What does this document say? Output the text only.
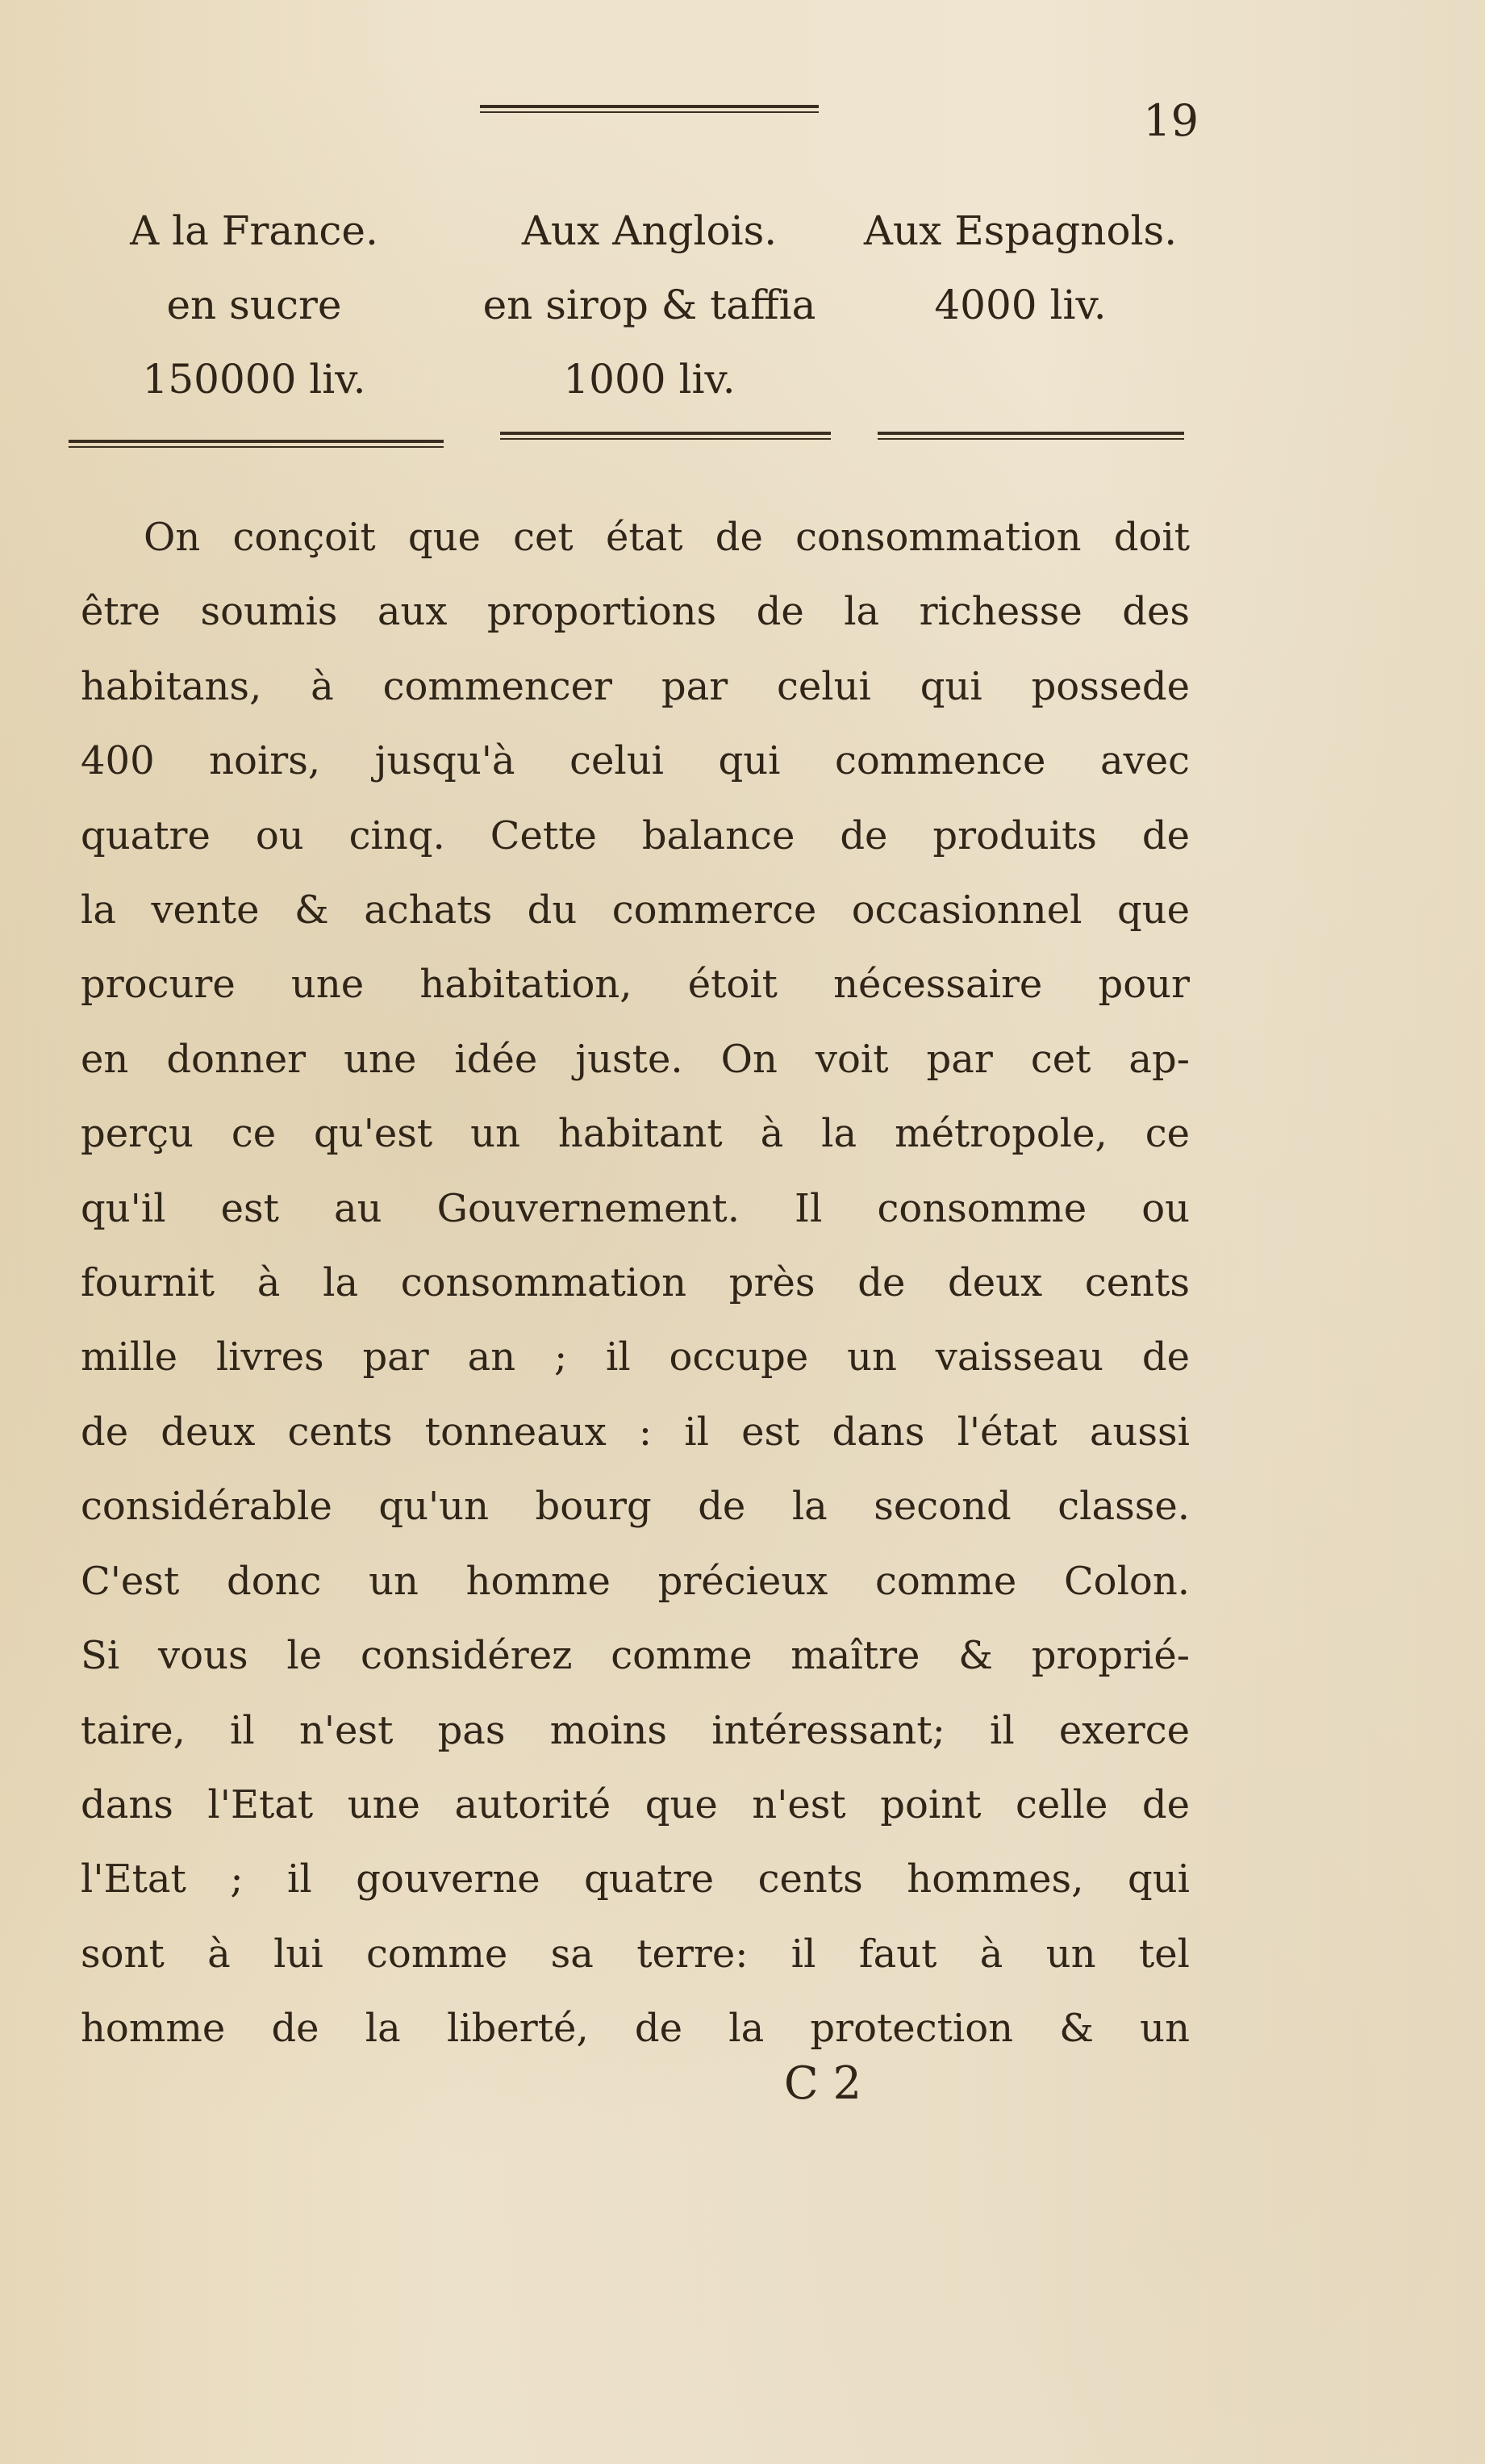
19
A la France.
en sucre
150000 liv.
Aux Anglois.
en sirop & taffia
1000 liv.
Aux Espagnols.
4000 liv.
On conçoit que cet état de consommation doit
être soumis aux proportions de la richesse des
habitans, à commencer par celui qui possede
400 noirs, jusqu'à celui qui commence avec
quatre ou cinq. Cette balance de produits de
la vente & achats du commerce occasionnel que
procure une habitation, étoit nécessaire pour
en donner une idée juste. On voit par cet ap-
perçu ce qu'est un habitant à la métropole, ce
qu'il est au Gouvernement. Il consomme ou
fournit à la consommation près de deux cents
mille livres par an ; il occupe un vaisseau de
de deux cents tonneaux : il est dans l'état aussi
considérable qu'un bourg de la second classe.
C'est donc un homme précieux comme Colon.
Si vous le considérez comme maître & proprié-
taire, il n'est pas moins intéressant; il exerce
dans l'Etat une autorité que n'est point celle de
l'Etat ; il gouverne quatre cents hommes, qui
sont à lui comme sa terre: il faut à un tel
homme de la liberté, de la protection & un
C 2
